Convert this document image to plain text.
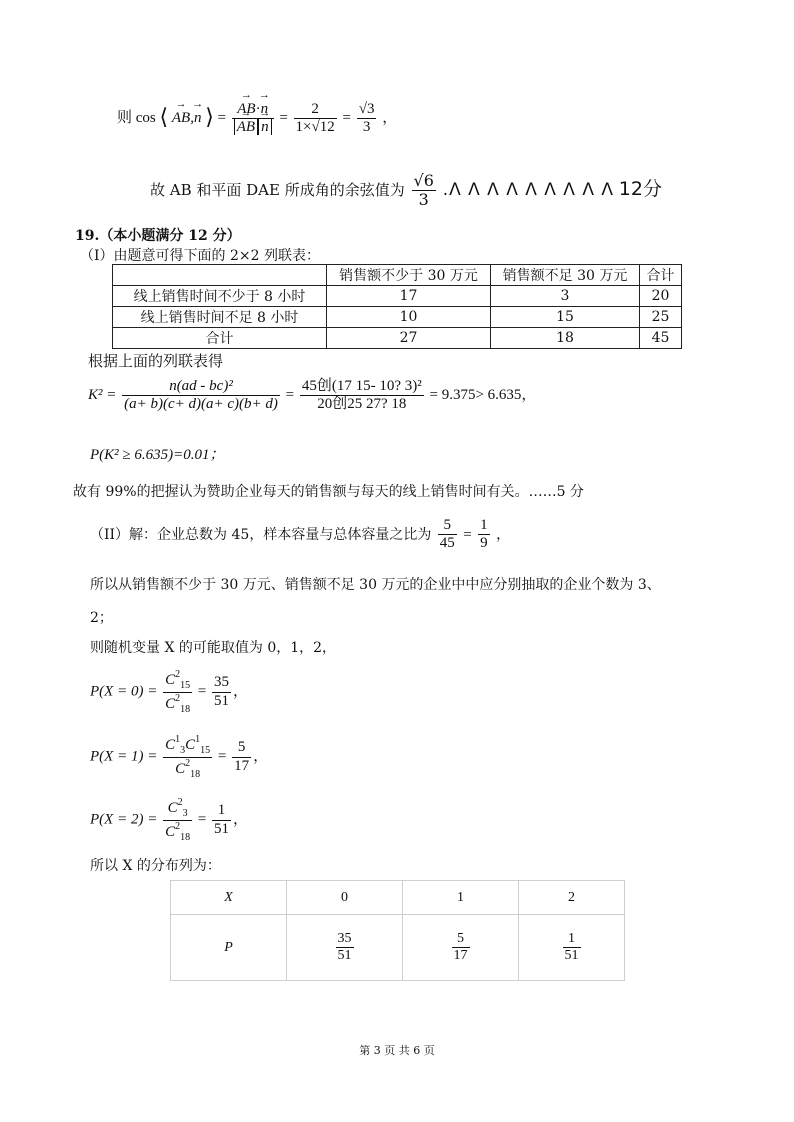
则 cos ⟨ → AB,→ n ⟩ = → AB·→ n
→ AB → $n = \frac{2}{1\times√12} = \frac{√3}{3}$ ，
故 AB 和平面 DAE 所成角的余弦值为 $\frac{√6}{3} .\Lambda$ Λ Λ Λ Λ Λ Λ Λ Λ 12分
19.（本小题满分 12 分）
（I）由题意可得下面的 2×2 列联表：
	销售额不少于 30 万元	销售额不足 30 万元	合计
线上销售时间不少于 8 小时	17	3	20
线上销售时间不足 8 小时	10	15	25
合计	27	18	45
根据上面的列联表得
$K^2 = \frac{\text{n(ad - bc)²}}{(a+ b)(c+ d)(a+ c)(b+ d)} = \frac{\text{45创(17 15- 10? 3)²}}{\text{20创25 27? 18}} = 9.375> 6.635$，
P(K² ≥ 6.635)=0.01；
故有 99%的把握认为赞助企业每天的销售额与每天的线上销售时间有关。……5 分
（II）解：企业总数为 45，样本容量与总体容量之比为 $\frac{5}{45} = \frac{1}{9}$ ，
所以从销售额不少于 30 万元、销售额不足 30 万元的企业中中应分别抽取的企业个数为 3、
2；
则随机变量 X 的可能取值为 0，1，2，
$P(X = 0) = \frac{C^2_{15}}{C^2_{18}} = \frac{35}{51}$ ，
$P(X = 1) = \frac{C^1_3C^1_{15}}{C^2_{18}} = \frac{5}{17}$ ，
$P(X = 2) = \frac{C^2_3}{C^2_{18}} = \frac{1}{51}$ ，
所以 X 的分布列为：
X	0	1	2
P	$\frac{35}{51}$	$\frac{5}{17}$	$\frac{1}{51}$
第 3 页 共 6 页
